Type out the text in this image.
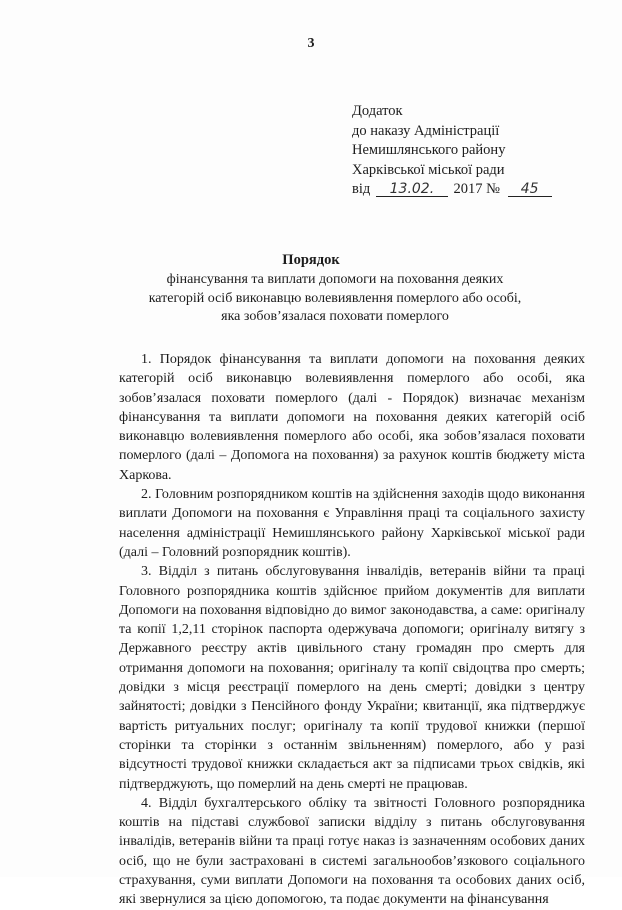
3
Додаток
до наказу Адміністрації
Немишлянського району
Харківської міської ради
від 13.02. 2017 № 45
Порядок
фінансування та виплати допомоги на поховання деяких
категорій осіб виконавцю волевиявлення померлого або особі,
яка зобов’язалася поховати померлого

1. Порядок фінансування та виплати допомоги на поховання деяких категорій осіб виконавцю волевиявлення померлого або особі, яка зобов’язалася поховати померлого (далі - Порядок) визначає механізм фінансування та виплати допомоги на поховання деяких категорій осіб виконавцю волевиявлення померлого або особі, яка зобов’язалася поховати померлого (далі – Допомога на поховання) за рахунок коштів бюджету міста Харкова.

2. Головним розпорядником коштів на здійснення заходів щодо виконання виплати Допомоги на поховання є Управління праці та соціального захисту населення адміністрації Немишлянського району Харківської міської ради (далі – Головний розпорядник коштів).

3. Відділ з питань обслуговування інвалідів, ветеранів війни та праці Головного розпорядника коштів здійснює прийом документів для виплати Допомоги на поховання відповідно до вимог законодавства, а саме: оригіналу та копії 1,2,11 сторінок паспорта одержувача допомоги; оригіналу витягу з Державного реєстру актів цивільного стану громадян про смерть для отримання допомоги на поховання; оригіналу та копії свідоцтва про смерть; довідки з місця реєстрації померлого на день смерті; довідки з центру зайнятості; довідки з Пенсійного фонду України; квитанції, яка підтверджує вартість ритуальних послуг; оригіналу та копії трудової книжки (першої сторінки та сторінки з останнім звільненням) померлого, або у разі відсутності трудової книжки складається акт за підписами трьох свідків, які підтверджують, що померлий на день смерті не працював.

4. Відділ бухгалтерського обліку та звітності Головного розпорядника коштів на підставі службової записки відділу з питань обслуговування інвалідів, ветеранів війни та праці готує наказ із зазначенням особових даних осіб, що не були застраховані в системі загальнообов’язкового соціального страхування, суми виплати Допомоги на поховання та особових даних осіб, які звернулися за цією допомогою, та подає документи на фінансування
